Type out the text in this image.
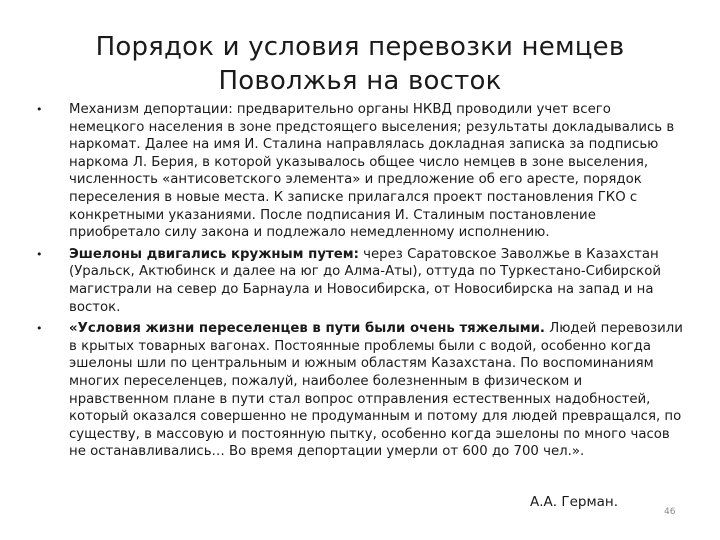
Порядок и условия перевозки немцев Поволжья на восток
• Механизм депортации: предварительно органы НКВД проводили учет всего немецкого населения в зоне предстоящего выселения; результаты докладывались в наркомат. Далее на имя И. Сталина направлялась докладная записка за подписью наркома Л. Берия, в которой указывалось общее число немцев в зоне выселения, численность «антисоветского элемента» и предложение об его аресте, порядок переселения в новые места. К записке прилагался проект постановления ГКО с конкретными указаниями. После подписания И. Сталиным постановление приобретало силу закона и подлежало немедленному исполнению.
• Эшелоны двигались кружным путем: через Саратовское Заволжье в Казахстан (Уральск, Актюбинск и далее на юг до Алма-Аты), оттуда по Туркестано-Сибирской магистрали на север до Барнаула и Новосибирска, от Новосибирска на запад и на восток.
• «Условия жизни переселенцев в пути были очень тяжелыми. Людей перевозили в крытых товарных вагонах. Постоянные проблемы были с водой, особенно когда эшелоны шли по центральным и южным областям Казахстана. По воспоминаниям многих переселенцев, пожалуй, наиболее болезненным в физическом и нравственном плане в пути стал вопрос отправления естественных надобностей, который оказался совершенно не продуманным и потому для людей превращался, по существу, в массовую и постоянную пытку, особенно когда эшелоны по много часов не останавливались… Во время депортации умерли от 600 до 700 чел.».
А.А. Герман.
46
